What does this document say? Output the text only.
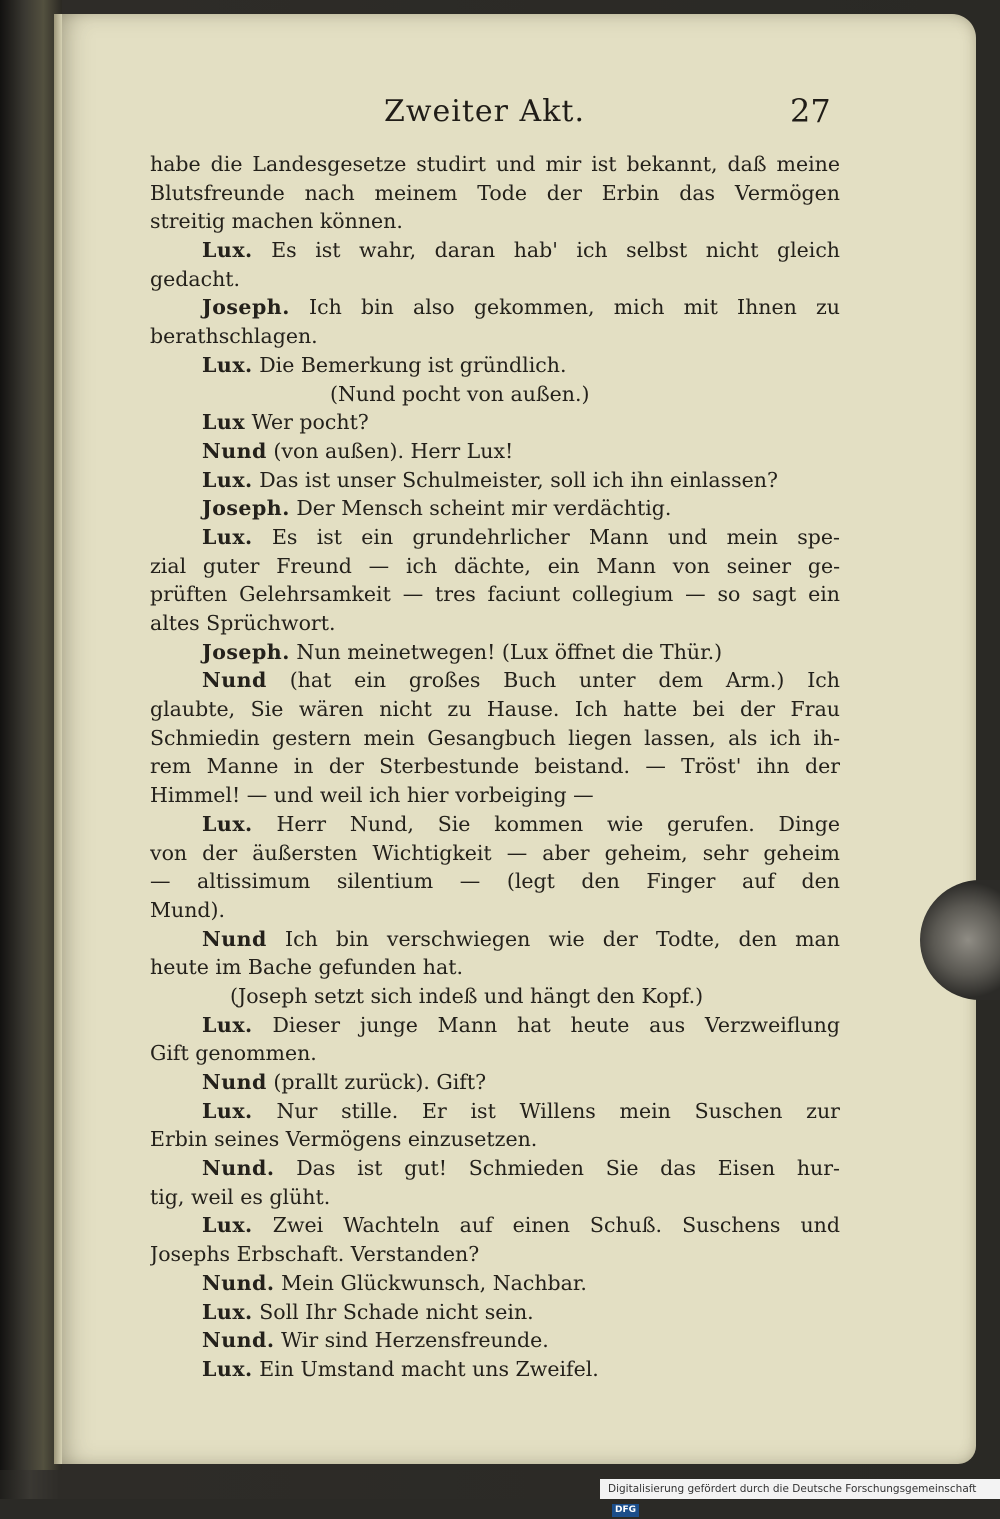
Zweiter Akt.	27
habe die Landesgesetze studirt und mir ist bekannt, daß meine
Blutsfreunde nach meinem Tode der Erbin das Vermögen
streitig machen können.
Lux. Es ist wahr, daran hab' ich selbst nicht gleich
gedacht.
Joseph. Ich bin also gekommen, mich mit Ihnen zu
berathschlagen.
Lux. Die Bemerkung ist gründlich.
(Nund pocht von außen.)
Lux Wer pocht?
Nund (von außen). Herr Lux!
Lux. Das ist unser Schulmeister, soll ich ihn einlassen?
Joseph. Der Mensch scheint mir verdächtig.
Lux. Es ist ein grundehrlicher Mann und mein spe-
zial guter Freund — ich dächte, ein Mann von seiner ge-
prüften Gelehrsamkeit — tres faciunt collegium — so sagt ein
altes Sprüchwort.
Joseph. Nun meinetwegen! (Lux öffnet die Thür.)
Nund (hat ein großes Buch unter dem Arm.) Ich
glaubte, Sie wären nicht zu Hause. Ich hatte bei der Frau
Schmiedin gestern mein Gesangbuch liegen lassen, als ich ih-
rem Manne in der Sterbestunde beistand. — Tröst' ihn der
Himmel! — und weil ich hier vorbeiging —
Lux. Herr Nund, Sie kommen wie gerufen. Dinge
von der äußersten Wichtigkeit — aber geheim, sehr geheim
— altissimum silentium — (legt den Finger auf den
Mund).
Nund Ich bin verschwiegen wie der Todte, den man
heute im Bache gefunden hat.
(Joseph setzt sich indeß und hängt den Kopf.)
Lux. Dieser junge Mann hat heute aus Verzweiflung
Gift genommen.
Nund (prallt zurück). Gift?
Lux. Nur stille. Er ist Willens mein Suschen zur
Erbin seines Vermögens einzusetzen.
Nund. Das ist gut! Schmieden Sie das Eisen hur-
tig, weil es glüht.
Lux. Zwei Wachteln auf einen Schuß. Suschens und
Josephs Erbschaft. Verstanden?
Nund. Mein Glückwunsch, Nachbar.
Lux. Soll Ihr Schade nicht sein.
Nund. Wir sind Herzensfreunde.
Lux. Ein Umstand macht uns Zweifel.
Digitalisierung gefördert durch die Deutsche Forschungsgemeinschaft DFG
